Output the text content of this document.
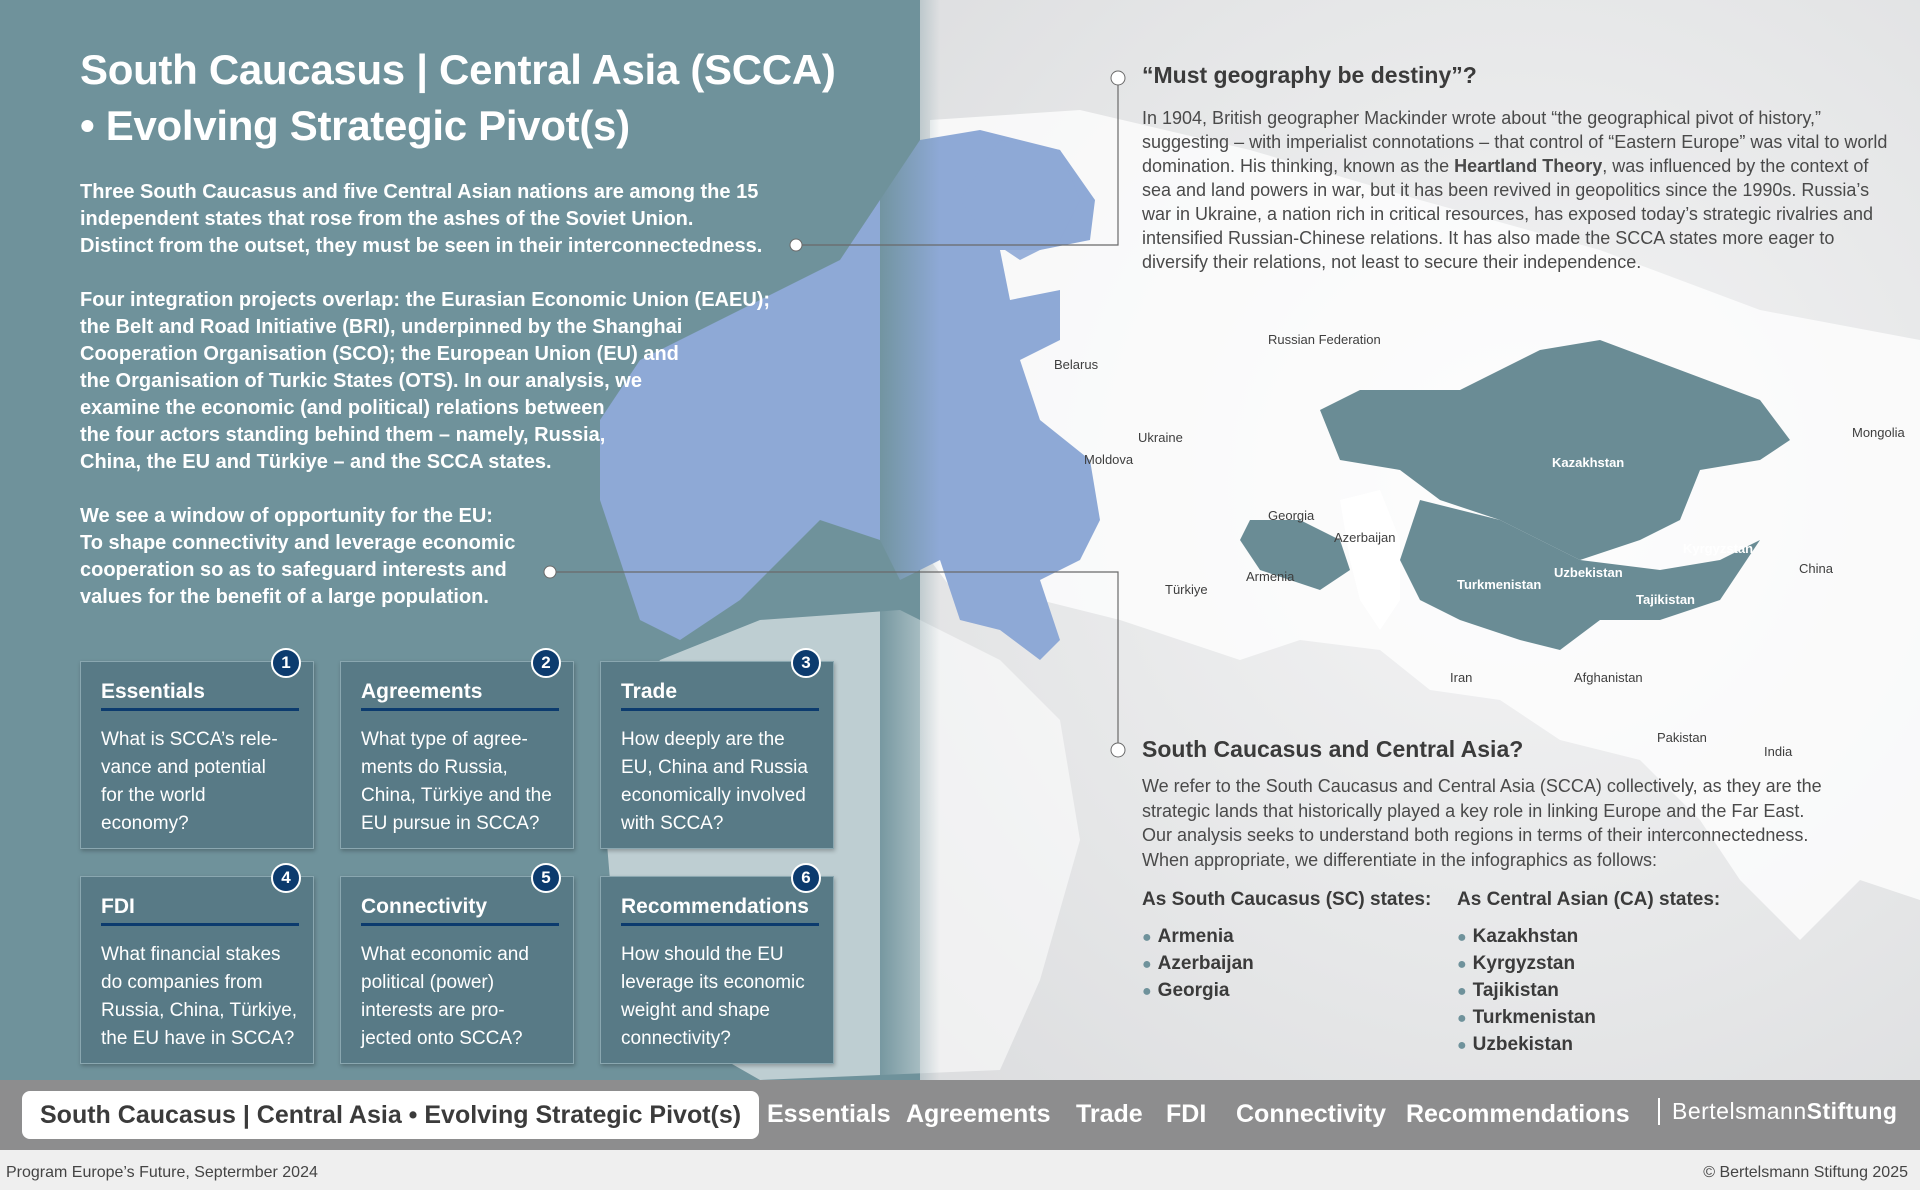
Russian Federation
Belarus
Ukraine
Moldova
Georgia
Azerbaijan
Armenia
Türkiye
Kazakhstan
Uzbekistan
Turkmenistan
Kyrgyzstan
Tajikistan
Iran	Afghanistan
Pakistan
India
China
Mongolia
South Caucasus | Central Asia (SCCA) • Evolving Strategic Pivot(s)
Three South Caucasus and five Central Asian nations are among the 15
independent states that rose from the ashes of the Soviet Union.
Distinct from the outset, they must be seen in their interconnectedness.
Four integration projects overlap: the Eurasian Economic Union (EAEU);
the Belt and Road Initiative (BRI), underpinned by the Shanghai
Cooperation Organisation (SCO); the European Union (EU) and
the Organisation of Turkic States (OTS). In our analysis, we
examine the economic (and political) relations between
the four actors standing behind them – namely, Russia,
China, the EU and Türkiye – and the SCCA states.
We see a window of opportunity for the EU:
To shape connectivity and leverage economic
cooperation so as to safeguard interests and
values for the benefit of a large population.
1
Essentials
What is SCCA’s rele-
vance and potential
for the world
economy?
2
Agreements
What type of agree-
ments do Russia,
China, Türkiye and the
EU pursue in SCCA?
3
Trade
How deeply are the
EU, China and Russia
economically involved
with SCCA?
4
FDI
What financial stakes
do companies from
Russia, China, Türkiye,
the EU have in SCCA?
5
Connectivity
What economic and
political (power)
interests are pro-
jected onto SCCA?
6
Recommendations
How should the EU
leverage its economic
weight and shape
connectivity?
“Must geography be destiny”?
In 1904, British geographer Mackinder wrote about “the geographical pivot of history,” suggesting – with imperialist connotations – that control of “Eastern Europe” was vital to world domination. His thinking, known as the Heartland Theory, was influenced by the context of sea and land powers in war, but it has been revived in geopolitics since the 1990s. Russia’s war in Ukraine, a nation rich in critical resources, has exposed today’s strategic rivalries and intensified Russian-Chinese relations. It has also made the SCCA states more eager to diversify their relations, not least to secure their independence.
South Caucasus and Central Asia?
We refer to the South Caucasus and Central Asia (SCCA) collectively, as they are the
strategic lands that historically played a key role in linking Europe and the Far East.
Our analysis seeks to understand both regions in terms of their interconnectedness.
When appropriate, we differentiate in the infographics as follows:
As South Caucasus (SC) states:
● Armenia
● Azerbaijan
● Georgia
As Central Asian (CA) states:
● Kazakhstan
● Kyrgyzstan
● Tajikistan
● Turkmenistan
● Uzbekistan
South Caucasus | Central Asia • Evolving Strategic Pivot(s)	Essentials Agreements Trade FDI Connectivity Recommendations	BertelsmannStiftung
Program Europe’s Future, Septermber 2024	© Bertelsmann Stiftung 2025
